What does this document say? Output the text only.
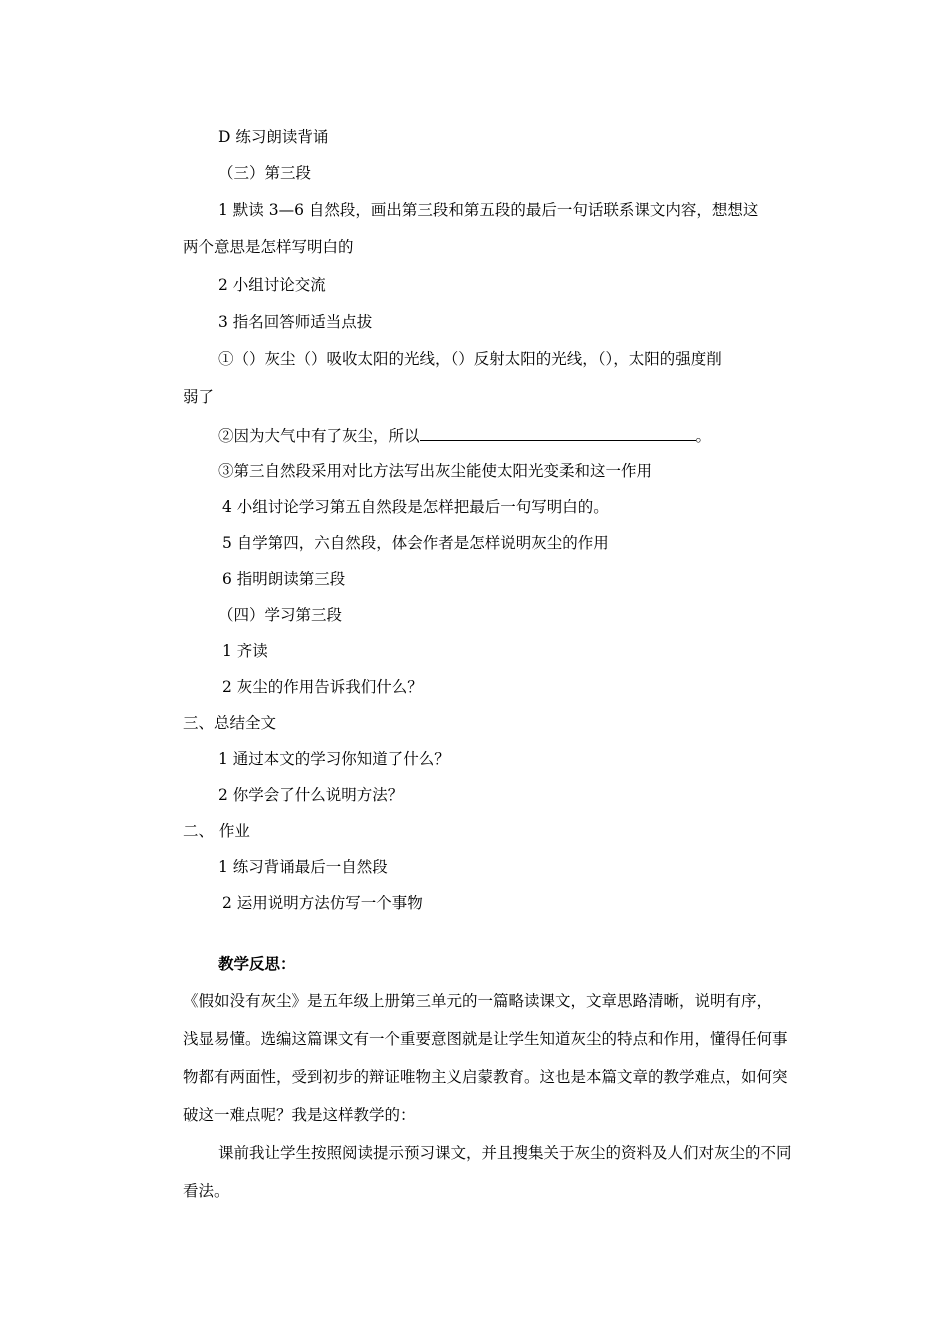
D 练习朗读背诵
（三）第三段
1 默读 3—6 自然段，画出第三段和第五段的最后一句话联系课文内容，想想这
两个意思是怎样写明白的
2 小组讨论交流
3 指名回答师适当点拔
①（）灰尘（）吸收太阳的光线，（）反射太阳的光线，（），太阳的强度削
弱了
②因为大气中有了灰尘，所以	。
③第三自然段采用对比方法写出灰尘能使太阳光变柔和这一作用
4 小组讨论学习第五自然段是怎样把最后一句写明白的。
5 自学第四，六自然段，体会作者是怎样说明灰尘的作用
6 指明朗读第三段
（四）学习第三段
1 齐读
2 灰尘的作用告诉我们什么？
三、总结全文
1 通过本文的学习你知道了什么？
2 你学会了什么说明方法？
二、 作业
1 练习背诵最后一自然段
2 运用说明方法仿写一个事物
教学反思：
《假如没有灰尘》是五年级上册第三单元的一篇略读课文，文章思路清晰，说明有序，
浅显易懂。选编这篇课文有一个重要意图就是让学生知道灰尘的特点和作用，懂得任何事
物都有两面性，受到初步的辩证唯物主义启蒙教育。这也是本篇文章的教学难点，如何突
破这一难点呢？我是这样教学的：
课前我让学生按照阅读提示预习课文，并且搜集关于灰尘的资料及人们对灰尘的不同
看法。
